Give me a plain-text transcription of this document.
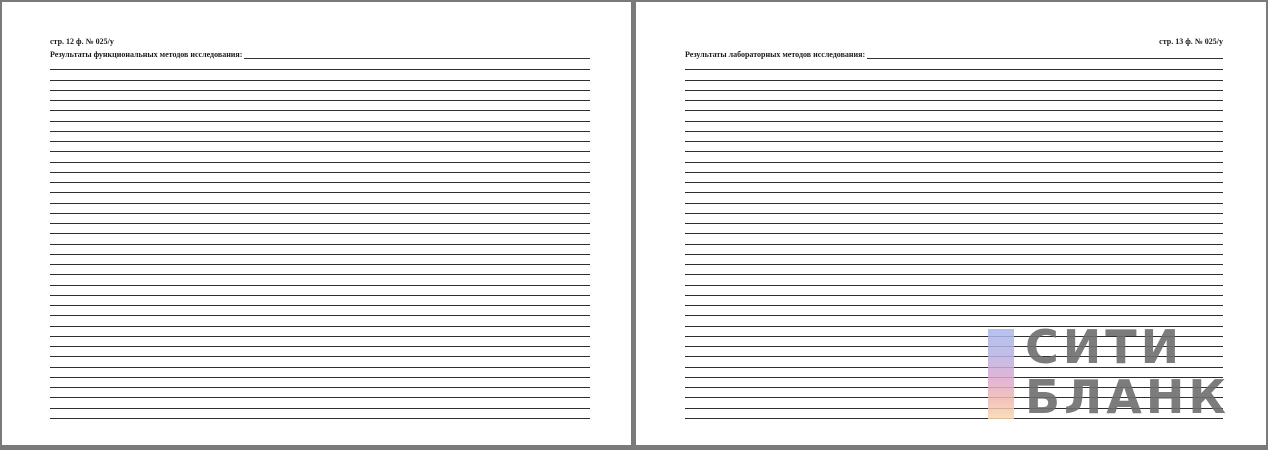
стр. 12 ф. № 025/у
Результаты функциональных методов исследования:
стр. 13 ф. № 025/у
Результаты лабораторных методов исследования:
СИТИ
БЛАНК
